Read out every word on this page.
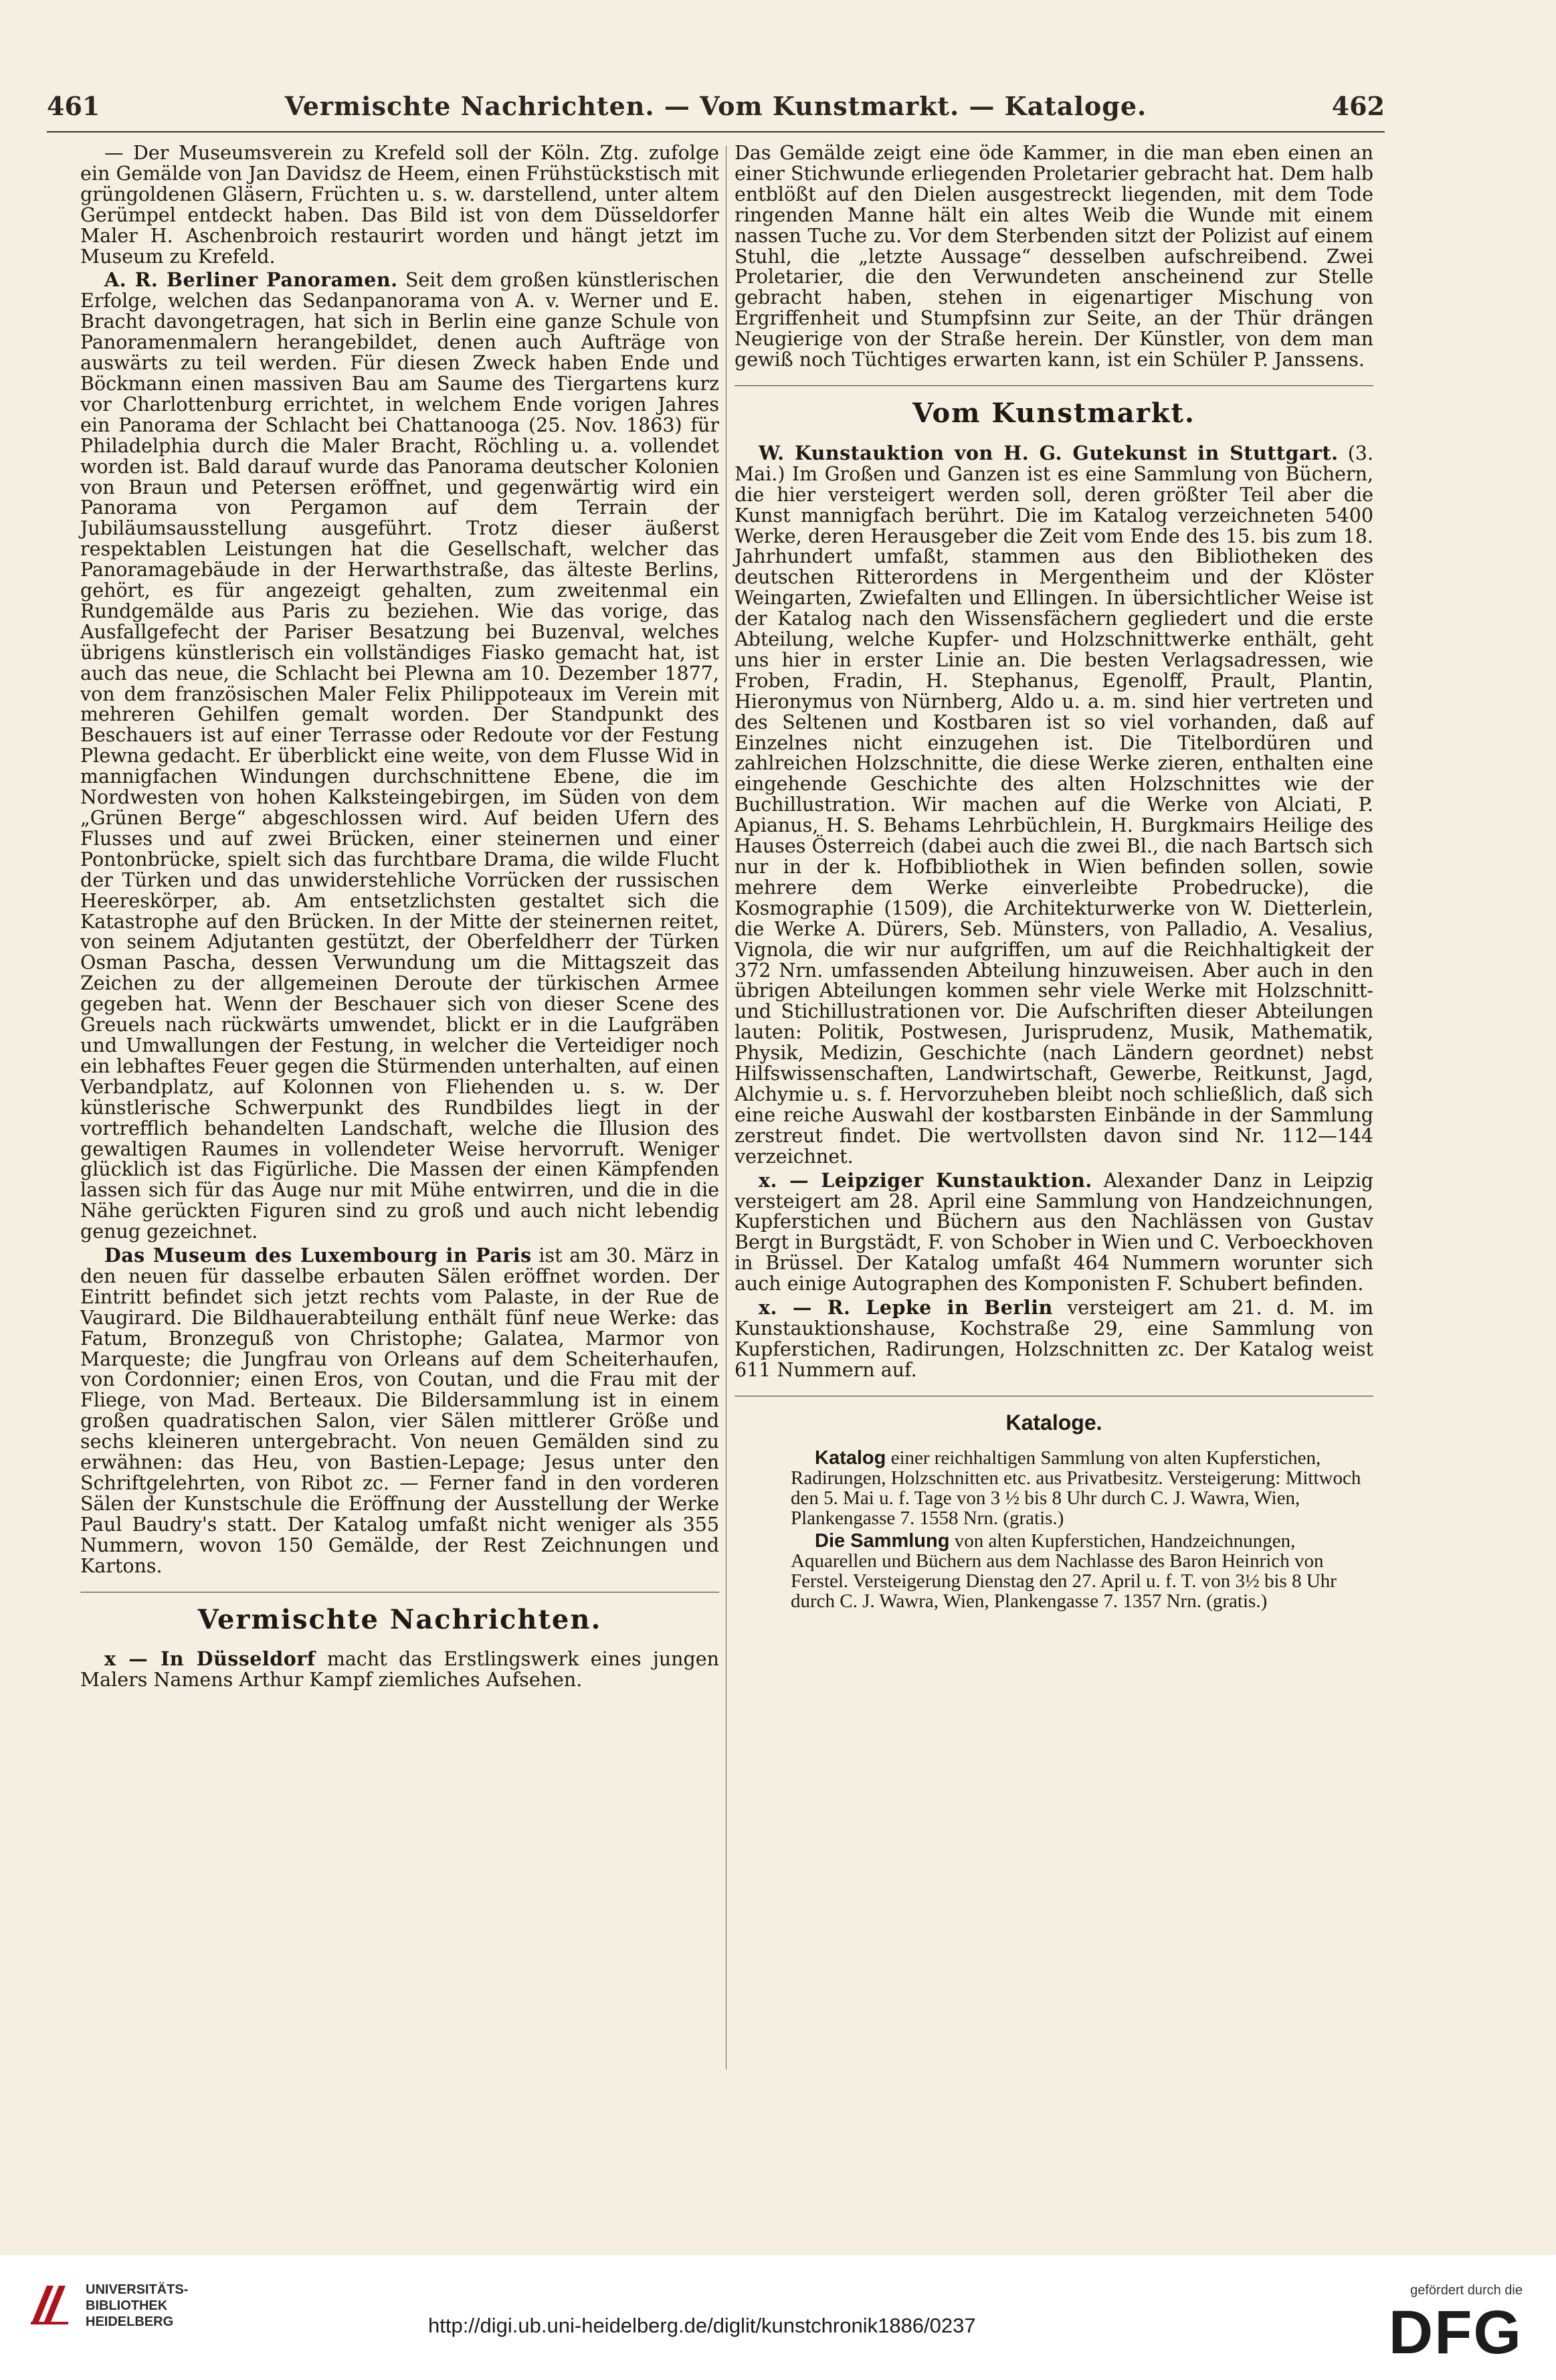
461	Vermischte Nachrichten. — Vom Kunstmarkt. — Kataloge.	462

— Der Museumsverein zu Krefeld soll der Köln. Ztg. zufolge ein Gemälde von Jan Davidsz de Heem, einen Frühstückstisch mit grüngoldenen Gläsern, Früchten u. s. w. darstellend, unter altem Gerümpel entdeckt haben. Das Bild ist von dem Düsseldorfer Maler H. Aschenbroich restaurirt worden und hängt jetzt im Museum zu Krefeld.

A. R. Berliner Panoramen. Seit dem großen künstlerischen Erfolge, welchen das Sedanpanorama von A. v. Werner und E. Bracht davongetragen, hat sich in Berlin eine ganze Schule von Panoramenmalern herangebildet, denen auch Aufträge von auswärts zu teil werden. Für diesen Zweck haben Ende und Böckmann einen massiven Bau am Saume des Tiergartens kurz vor Charlottenburg errichtet, in welchem Ende vorigen Jahres ein Panorama der Schlacht bei Chattanooga (25. Nov. 1863) für Philadelphia durch die Maler Bracht, Röchling u. a. vollendet worden ist. Bald darauf wurde das Panorama deutscher Kolonien von Braun und Petersen eröffnet, und gegenwärtig wird ein Panorama von Pergamon auf dem Terrain der Jubiläumsausstellung ausgeführt. Trotz dieser äußerst respektablen Leistungen hat die Gesellschaft, welcher das Panoramagebäude in der Herwarthstraße, das älteste Berlins, gehört, es für angezeigt gehalten, zum zweitenmal ein Rundgemälde aus Paris zu beziehen. Wie das vorige, das Ausfallgefecht der Pariser Besatzung bei Buzenval, welches übrigens künstlerisch ein vollständiges Fiasko gemacht hat, ist auch das neue, die Schlacht bei Plewna am 10. Dezember 1877, von dem französischen Maler Felix Philippoteaux im Verein mit mehreren Gehilfen gemalt worden. Der Standpunkt des Beschauers ist auf einer Terrasse oder Redoute vor der Festung Plewna gedacht. Er überblickt eine weite, von dem Flusse Wid in mannigfachen Windungen durchschnittene Ebene, die im Nordwesten von hohen Kalksteingebirgen, im Süden von dem „Grünen Berge“ abgeschlossen wird. Auf beiden Ufern des Flusses und auf zwei Brücken, einer steinernen und einer Pontonbrücke, spielt sich das furchtbare Drama, die wilde Flucht der Türken und das unwiderstehliche Vorrücken der russischen Heereskörper, ab. Am entsetzlichsten gestaltet sich die Katastrophe auf den Brücken. In der Mitte der steinernen reitet, von seinem Adjutanten gestützt, der Oberfeldherr der Türken Osman Pascha, dessen Verwundung um die Mittagszeit das Zeichen zu der allgemeinen Deroute der türkischen Armee gegeben hat. Wenn der Beschauer sich von dieser Scene des Greuels nach rückwärts umwendet, blickt er in die Laufgräben und Umwallungen der Festung, in welcher die Verteidiger noch ein lebhaftes Feuer gegen die Stürmenden unterhalten, auf einen Verbandplatz, auf Kolonnen von Fliehenden u. s. w. Der künstlerische Schwerpunkt des Rundbildes liegt in der vortrefflich behandelten Landschaft, welche die Illusion des gewaltigen Raumes in vollendeter Weise hervorruft. Weniger glücklich ist das Figürliche. Die Massen der einen Kämpfenden lassen sich für das Auge nur mit Mühe entwirren, und die in die Nähe gerückten Figuren sind zu groß und auch nicht lebendig genug gezeichnet.

Das Museum des Luxembourg in Paris ist am 30. März in den neuen für dasselbe erbauten Sälen eröffnet worden. Der Eintritt befindet sich jetzt rechts vom Palaste, in der Rue de Vaugirard. Die Bildhauerabteilung enthält fünf neue Werke: das Fatum, Bronzeguß von Christophe; Galatea, Marmor von Marqueste; die Jungfrau von Orleans auf dem Scheiterhaufen, von Cordonnier; einen Eros, von Coutan, und die Frau mit der Fliege, von Mad. Berteaux. Die Bildersammlung ist in einem großen quadratischen Salon, vier Sälen mittlerer Größe und sechs kleineren untergebracht. Von neuen Gemälden sind zu erwähnen: das Heu, von Bastien-Lepage; Jesus unter den Schriftgelehrten, von Ribot zc. — Ferner fand in den vorderen Sälen der Kunstschule die Eröffnung der Ausstellung der Werke Paul Baudry's statt. Der Katalog umfaßt nicht weniger als 355 Nummern, wovon 150 Gemälde, der Rest Zeichnungen und Kartons.

Vermischte Nachrichten.

x — In Düsseldorf macht das Erstlingswerk eines jungen Malers Namens Arthur Kampf ziemliches Aufsehen.

Das Gemälde zeigt eine öde Kammer, in die man eben einen an einer Stichwunde erliegenden Proletarier gebracht hat. Dem halb entblößt auf den Dielen ausgestreckt liegenden, mit dem Tode ringenden Manne hält ein altes Weib die Wunde mit einem nassen Tuche zu. Vor dem Sterbenden sitzt der Polizist auf einem Stuhl, die „letzte Aussage“ desselben aufschreibend. Zwei Proletarier, die den Verwundeten anscheinend zur Stelle gebracht haben, stehen in eigenartiger Mischung von Ergriffenheit und Stumpfsinn zur Seite, an der Thür drängen Neugierige von der Straße herein. Der Künstler, von dem man gewiß noch Tüchtiges erwarten kann, ist ein Schüler P. Janssens.

Vom Kunstmarkt.

W. Kunstauktion von H. G. Gutekunst in Stuttgart. (3. Mai.) Im Großen und Ganzen ist es eine Sammlung von Büchern, die hier versteigert werden soll, deren größter Teil aber die Kunst mannigfach berührt. Die im Katalog verzeichneten 5400 Werke, deren Herausgeber die Zeit vom Ende des 15. bis zum 18. Jahrhundert umfaßt, stammen aus den Bibliotheken des deutschen Ritterordens in Mergentheim und der Klöster Weingarten, Zwiefalten und Ellingen. In übersichtlicher Weise ist der Katalog nach den Wissensfächern gegliedert und die erste Abteilung, welche Kupfer- und Holzschnittwerke enthält, geht uns hier in erster Linie an. Die besten Verlagsadressen, wie Froben, Fradin, H. Stephanus, Egenolff, Prault, Plantin, Hieronymus von Nürnberg, Aldo u. a. m. sind hier vertreten und des Seltenen und Kostbaren ist so viel vorhanden, daß auf Einzelnes nicht einzugehen ist. Die Titelbordüren und zahlreichen Holzschnitte, die diese Werke zieren, enthalten eine eingehende Geschichte des alten Holzschnittes wie der Buchillustration. Wir machen auf die Werke von Alciati, P. Apianus, H. S. Behams Lehrbüchlein, H. Burgkmairs Heilige des Hauses Österreich (dabei auch die zwei Bl., die nach Bartsch sich nur in der k. Hofbibliothek in Wien befinden sollen, sowie mehrere dem Werke einverleibte Probedrucke), die Kosmographie (1509), die Architekturwerke von W. Dietterlein, die Werke A. Dürers, Seb. Münsters, von Palladio, A. Vesalius, Vignola, die wir nur aufgriffen, um auf die Reichhaltigkeit der 372 Nrn. umfassenden Abteilung hinzuweisen. Aber auch in den übrigen Abteilungen kommen sehr viele Werke mit Holzschnitt- und Stichillustrationen vor. Die Aufschriften dieser Abteilungen lauten: Politik, Postwesen, Jurisprudenz, Musik, Mathematik, Physik, Medizin, Geschichte (nach Ländern geordnet) nebst Hilfswissenschaften, Landwirtschaft, Gewerbe, Reitkunst, Jagd, Alchymie u. s. f. Hervorzuheben bleibt noch schließlich, daß sich eine reiche Auswahl der kostbarsten Einbände in der Sammlung zerstreut findet. Die wertvollsten davon sind Nr. 112—144 verzeichnet.

x. — Leipziger Kunstauktion. Alexander Danz in Leipzig versteigert am 28. April eine Sammlung von Handzeichnungen, Kupferstichen und Büchern aus den Nachlässen von Gustav Bergt in Burgstädt, F. von Schober in Wien und C. Verboeckhoven in Brüssel. Der Katalog umfaßt 464 Nummern worunter sich auch einige Autographen des Komponisten F. Schubert befinden.

x. — R. Lepke in Berlin versteigert am 21. d. M. im Kunstauktionshause, Kochstraße 29, eine Sammlung von Kupferstichen, Radirungen, Holzschnitten zc. Der Katalog weist 611 Nummern auf.

Kataloge.

Katalog einer reichhaltigen Sammlung von alten Kupferstichen, Radirungen, Holzschnitten etc. aus Privatbesitz. Versteigerung: Mittwoch den 5. Mai u. f. Tage von 3 ½ bis 8 Uhr durch C. J. Wawra, Wien, Plankengasse 7. 1558 Nrn. (gratis.)

Die Sammlung von alten Kupferstichen, Handzeichnungen, Aquarellen und Büchern aus dem Nachlasse des Baron Heinrich von Ferstel. Versteigerung Dienstag den 27. April u. f. T. von 3½ bis 8 Uhr durch C. J. Wawra, Wien, Plankengasse 7. 1357 Nrn. (gratis.)

UNIVERSITÄTS-
BIBLIOTHEK
HEIDELBERG	http://digi.ub.uni-heidelberg.de/diglit/kunstchronik1886/0237
gefördert durch die
DFG
